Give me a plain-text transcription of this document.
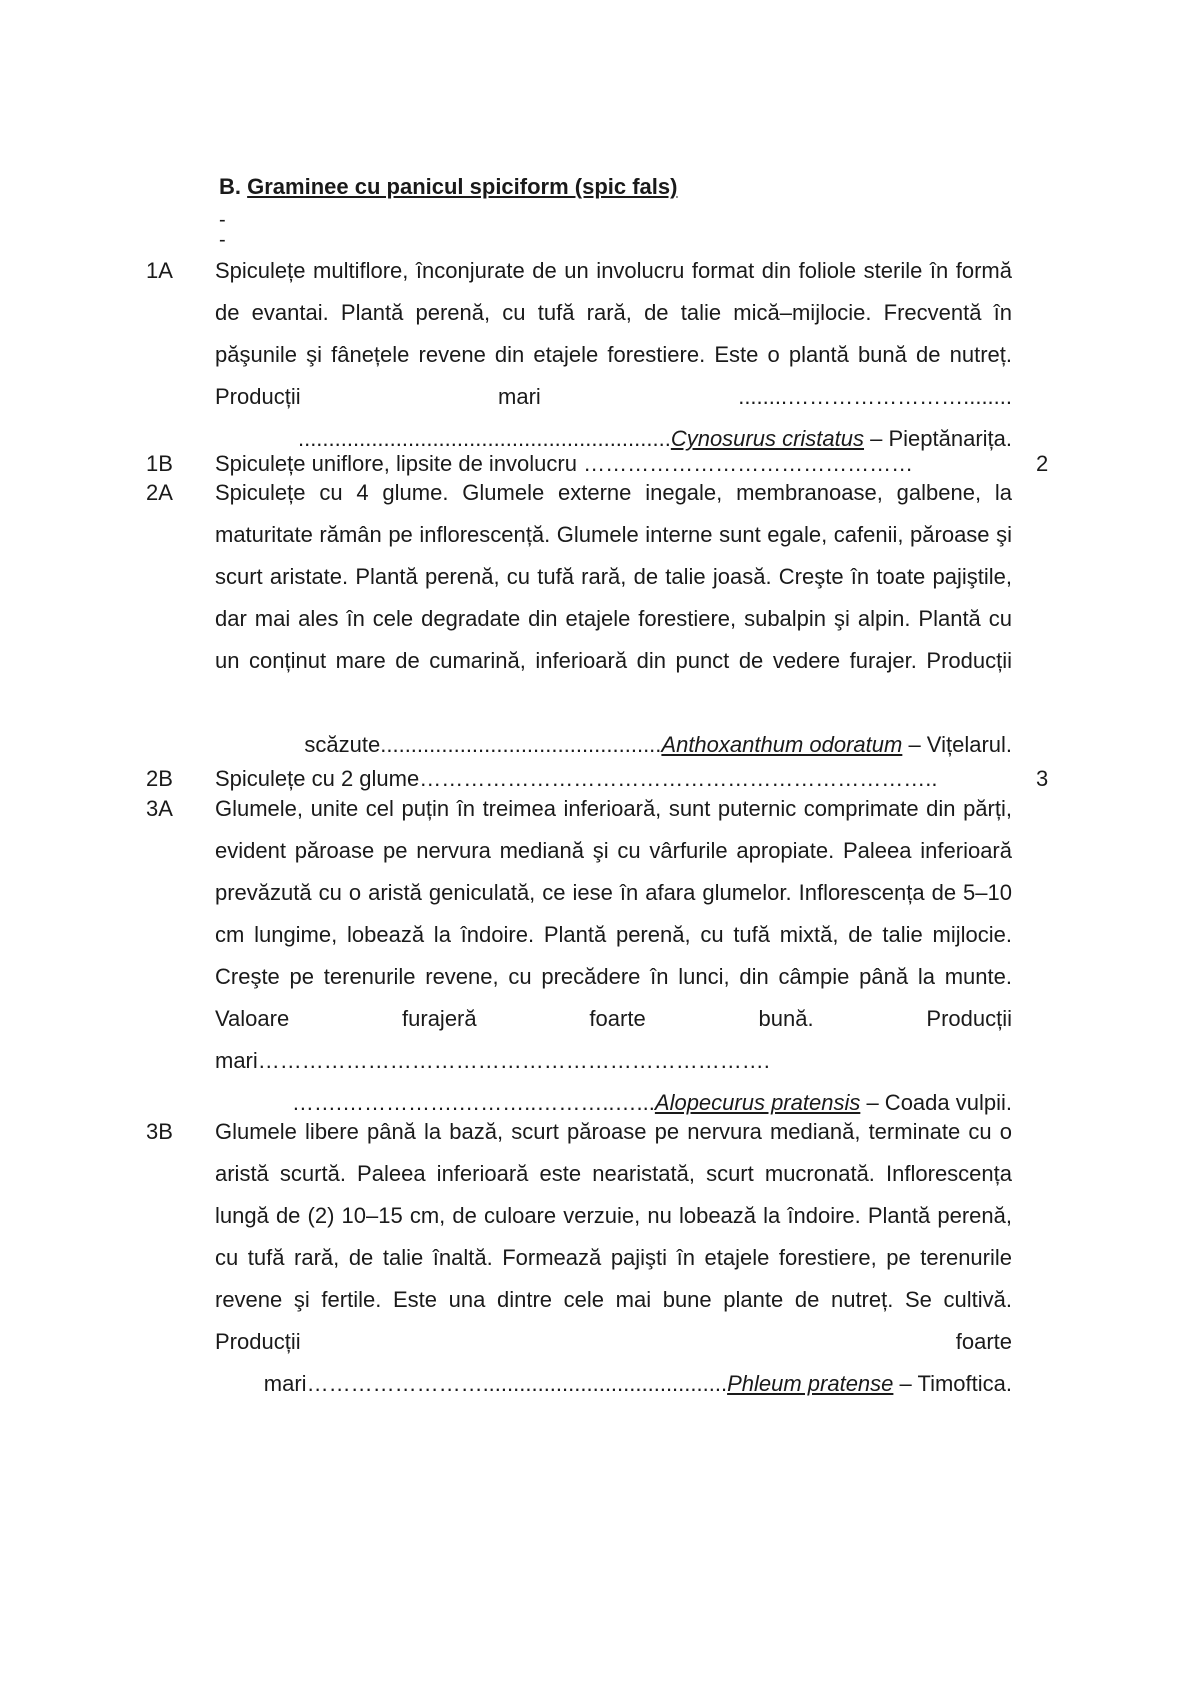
B. Graminee cu panicul spiciform (spic fals)
-
-
1A	Spiculețe multiflore, înconjurate de un involucru format din foliole sterile în formă de evantai. Plantă perenă, cu tufă rară, de talie mică–mijlocie. Frecventă în păşunile şi fânețele revene din etajele forestiere. Este o plantă bună de nutreț. Producții mari ........……………………........
.............................................................Cynosurus cristatus – Pieptănarița.
1B	Spiculețe uniflore, lipsite de involucru ………………………………………	2
2A	Spiculețe cu 4 glume. Glumele externe inegale, membranoase, galbene, la maturitate rămân pe inflorescență. Glumele interne sunt egale, cafenii, păroase şi scurt aristate. Plantă perenă, cu tufă rară, de talie joasă. Creşte în toate pajiştile, dar mai ales în cele degradate din etajele forestiere, subalpin şi alpin. Plantă cu un conținut mare de cumarină, inferioară din punct de vedere furajer. Producții
scăzute..............................................Anthoxanthum odoratum – Vițelarul.
2B	Spiculețe cu 2 glume……………………………………………………………..	3
3A	Glumele, unite cel puțin în treimea inferioară, sunt puternic comprimate din părți, evident păroase pe nervura mediană şi cu vârfurile apropiate. Paleea inferioară prevăzută cu o aristă geniculată, ce iese în afara glumelor. Inflorescența de 5–10 cm lungime, lobează la îndoire. Plantă perenă, cu tufă mixtă, de talie mijlocie. Creşte pe terenurile revene, cu precădere în lunci, din câmpie până la munte. Valoare furajeră foarte bună. Producții mari…………………………………………………………….
…….…………….………..………..…...Alopecurus pratensis – Coada vulpii.
3B	Glumele libere până la bază, scurt păroase pe nervura mediană, terminate cu o aristă scurtă. Paleea inferioară este nearistată, scurt mucronată. Inflorescența lungă de (2) 10–15 cm, de culoare verzuie, nu lobează la îndoire. Plantă perenă, cu tufă rară, de talie înaltă. Formează pajişti în etajele forestiere, pe terenurile revene şi fertile. Este una dintre cele mai bune plante de nutreț. Se cultivă. Producții foarte
mari……………………........................................Phleum pratense – Timoftica.
